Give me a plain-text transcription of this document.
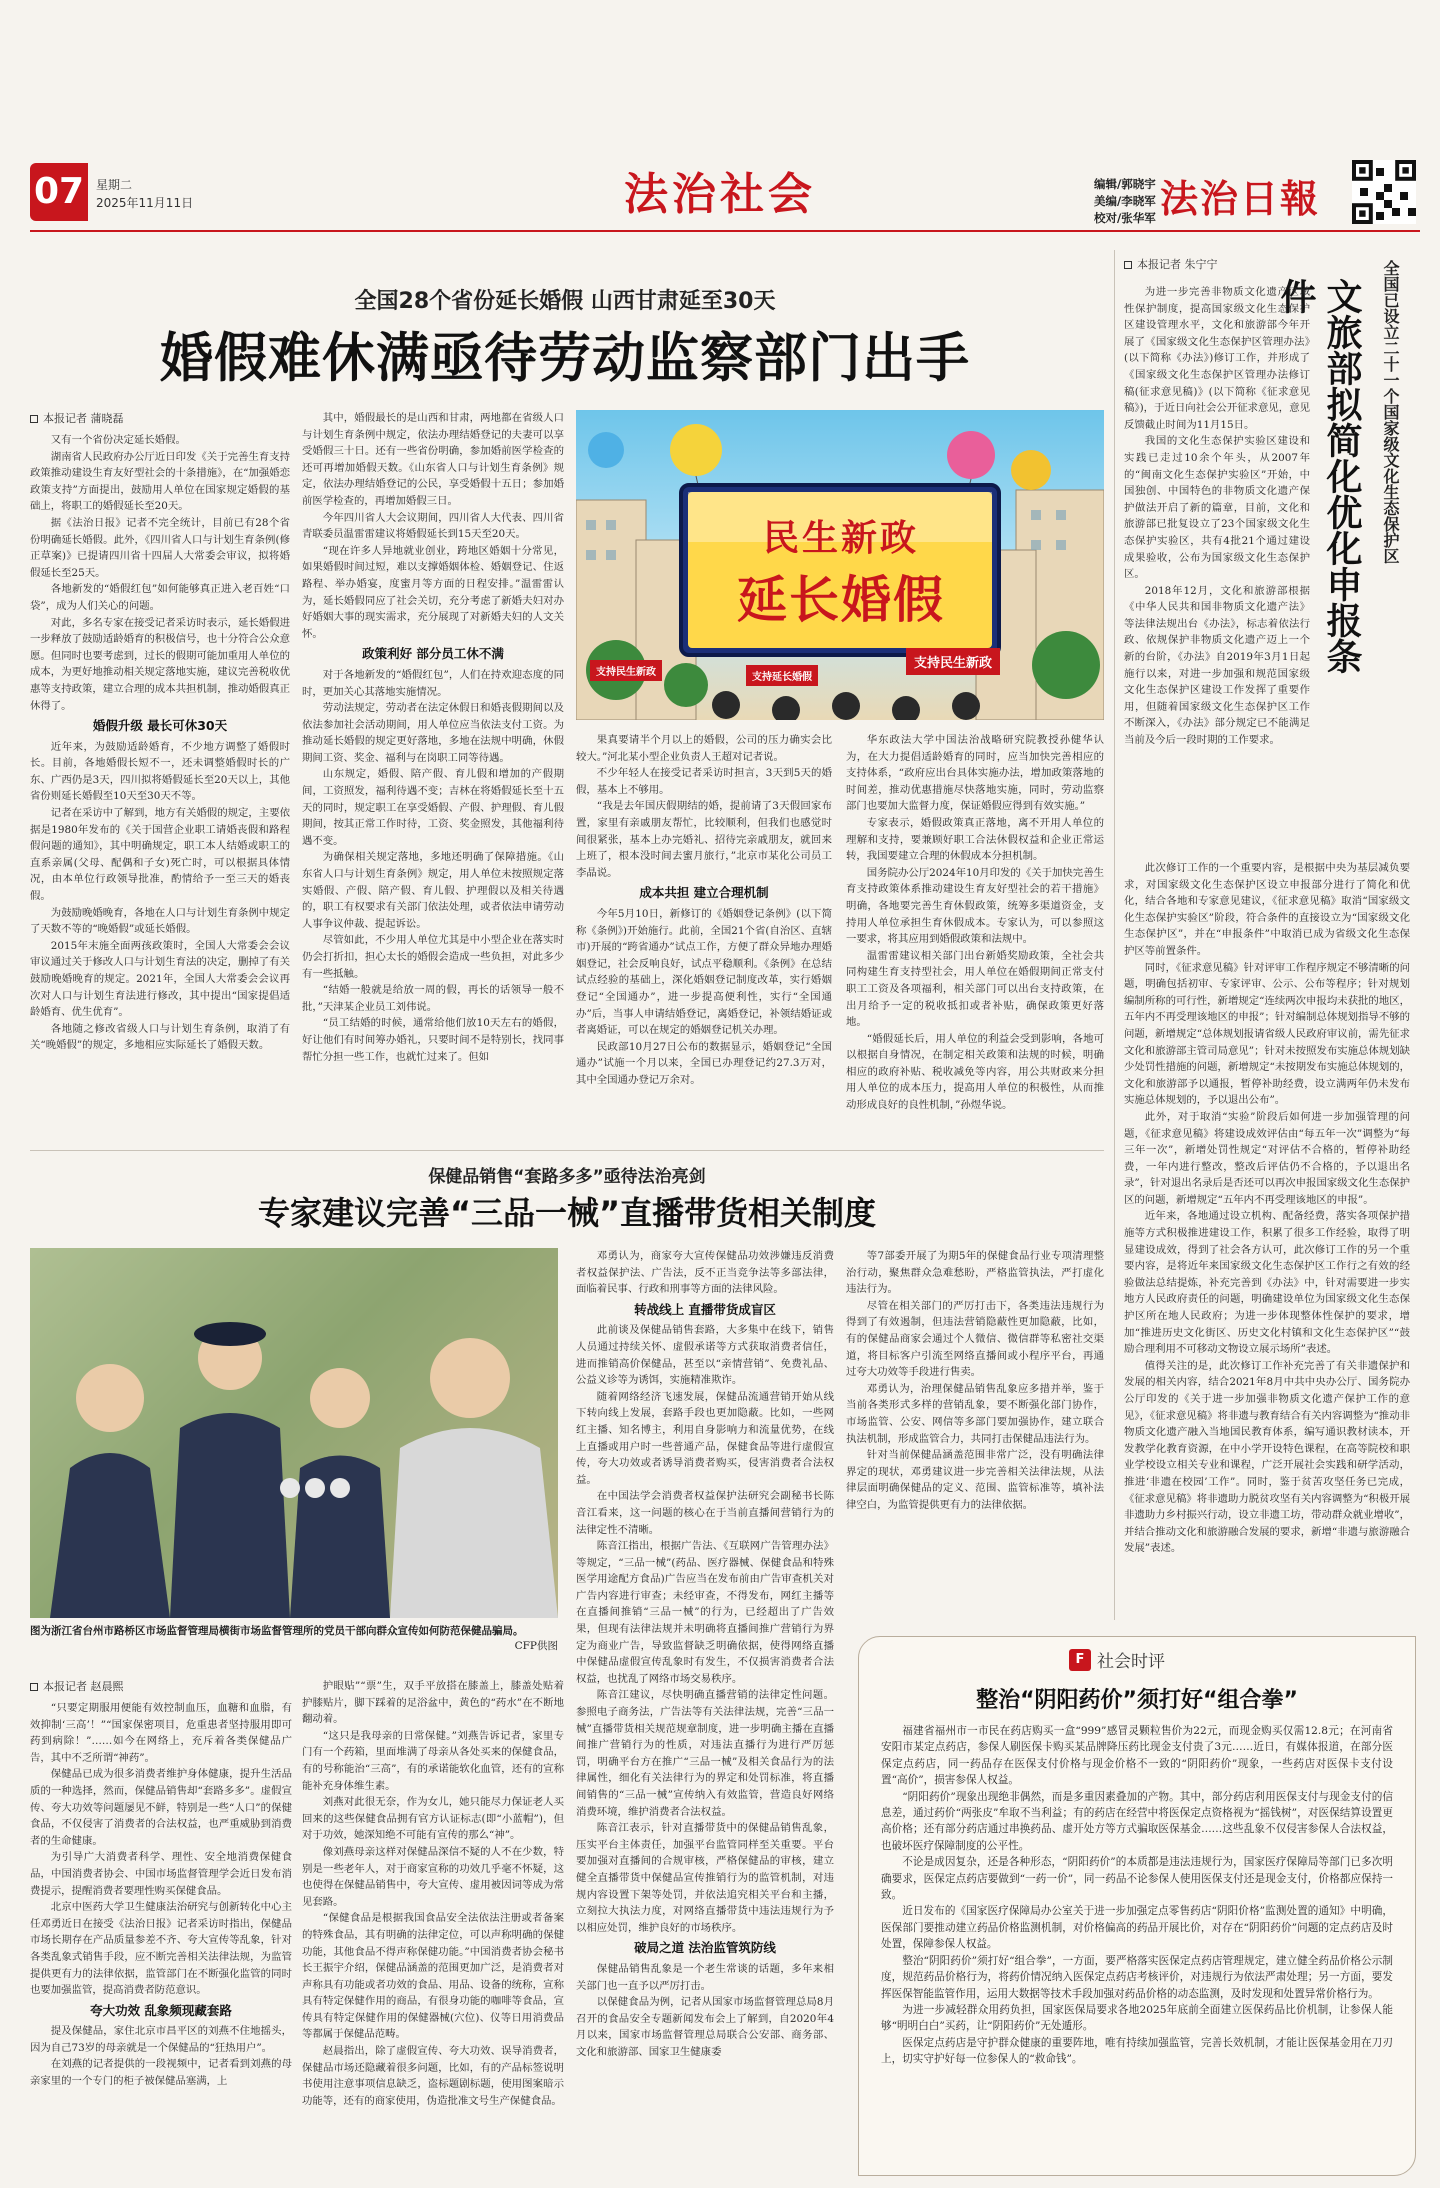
07 星期二
2025年11月11日	法治社会	编辑/郭晓宇
美编/李晓军
校对/张华军 法治日報
全国28个省份延长婚假 山西甘肃延至30天
婚假难休满亟待劳动监察部门出手
本报记者 蒲晓磊

又有一个省份决定延长婚假。

湖南省人民政府办公厅近日印发《关于完善生育支持政策推动建设生育友好型社会的十条措施》，在“加强婚恋政策支持”方面提出，鼓励用人单位在国家规定婚假的基础上，将职工的婚假延长至20天。

据《法治日报》记者不完全统计，目前已有28个省份明确延长婚假。此外，《四川省人口与计划生育条例(修正草案)》已提请四川省十四届人大常委会审议，拟将婚假延长至25天。

各地新发的“婚假红包”如何能够真正进入老百姓“口袋”，成为人们关心的问题。

对此，多名专家在接受记者采访时表示，延长婚假进一步释放了鼓励适龄婚育的积极信号，也十分符合公众意愿。但同时也要考虑到，过长的假期可能加重用人单位的成本，为更好地推动相关规定落地实施，建议完善税收优惠等支持政策，建立合理的成本共担机制，推动婚假真正休得了。

婚假升级 最长可休30天

近年来，为鼓励适龄婚育，不少地方调整了婚假时长。目前，各地婚假长短不一，还未调整婚假时长的广东、广西仍是3天，四川拟将婚假延长至20天以上，其他省份则延长婚假至10天至30天不等。

记者在采访中了解到，地方有关婚假的规定，主要依据是1980年发布的《关于国营企业职工请婚丧假和路程假问题的通知》，其中明确规定，职工本人结婚或职工的直系亲属(父母、配偶和子女)死亡时，可以根据具体情况，由本单位行政领导批准，酌情给予一至三天的婚丧假。

为鼓励晚婚晚育，各地在人口与计划生育条例中规定了天数不等的“晚婚假”或延长婚假。

2015年末施全面两孩政策时，全国人大常委会会议审议通过关于修改人口与计划生育法的决定，删掉了有关鼓励晚婚晚育的规定。2021年，全国人大常委会会议再次对人口与计划生育法进行修改，其中提出“国家提倡适龄婚育、优生优育”。

各地随之修改省级人口与计划生育条例，取消了有关“晚婚假”的规定，多地相应实际延长了婚假天数。

其中，婚假最长的是山西和甘肃，两地都在省级人口与计划生育条例中规定，依法办理结婚登记的夫妻可以享受婚假三十日。还有一些省份明确，参加婚前医学检查的还可再增加婚假天数。《山东省人口与计划生育条例》规定，依法办理结婚登记的公民，享受婚假十五日；参加婚前医学检查的，再增加婚假三日。

今年四川省人大会议期间，四川省人大代表、四川省青联委员温雷雷建议将婚假延长到15天至20天。

“现在许多人异地就业创业，跨地区婚姻十分常见，如果婚假时间过短，难以支撑婚姻体检、婚姻登记、住返路程、举办婚宴，度蜜月等方面的日程安排。”温雷雷认为，延长婚假同应了社会关切，充分考虑了新婚夫妇对办好婚姻大事的现实需求，充分展现了对新婚夫妇的人文关怀。

政策利好 部分员工休不满

对于各地新发的“婚假红包”，人们在持欢迎态度的同时，更加关心其落地实施情况。

劳动法规定，劳动者在法定休假日和婚丧假期间以及依法参加社会活动期间，用人单位应当依法支付工资。为推动延长婚假的规定更好落地，多地在法规中明确，休假期间工资、奖金、福利与在岗职工同等待遇。

山东规定，婚假、陪产假、育儿假和增加的产假期间，工资照发，福利待遇不变；吉林在将婚假延长至十五天的同时，规定职工在享受婚假、产假、护理假、育儿假期间，按其正常工作时待，工资、奖金照发，其他福利待遇不变。

为确保相关规定落地，多地还明确了保障措施。《山东省人口与计划生育条例》规定，用人单位未按照规定落实婚假、产假、陪产假、育儿假、护理假以及相关待遇的，职工有权要求有关部门依法处理，或者依法申请劳动人事争议仲裁、提起诉讼。

尽管如此，不少用人单位尤其是中小型企业在落实时仍会打折扣，担心太长的婚假会造成一些负担，对此多少有一些抵触。

“结婚一般就是给放一周的假，再长的话领导一般不批，”天津某企业员工刘伟说。

“员工结婚的时候，通常给他们放10天左右的婚假，好让他们有时间筹办婚礼，只要时间不是特别长，找同事帮忙分担一些工作，也就忙过来了。但如

民生新政
延长婚假
支持民生新政	支持延长婚假
支持民生新政

果真要请半个月以上的婚假，公司的压力确实会比较大。”河北某小型企业负责人王超对记者说。

不少年轻人在接受记者采访时担言，3天到5天的婚假，基本上不够用。

“我是去年国庆假期结的婚，提前请了3天假回家布置，家里有亲戚朋友帮忙，比较顺利，但我们也感觉时间很紧张，基本上办完婚礼、招待完亲戚朋友，就回来上班了，根本没时间去蜜月旅行，”北京市某化公司员工李晶说。

成本共担 建立合理机制

今年5月10日，新修订的《婚姻登记条例》(以下简称《条例》)开始施行。此前，全国21个省(自治区、直辖市)开展的“跨省通办”试点工作，方便了群众异地办理婚姻登记，社会反响良好，试点平稳顺利。《条例》在总结试点经验的基础上，深化婚姻登记制度改革，实行婚姻登记“全国通办”，进一步提高便利性，实行“全国通办”后，当事人申请结婚登记，离婚登记，补领结婚证或者离婚证，可以在规定的婚姻登记机关办理。

民政部10月27日公布的数据显示，婚姻登记“全国通办”试施一个月以来，全国已办理登记约27.3万对，其中全国通办登记万余对。

华东政法大学中国法治战略研究院教授孙健华认为，在大力提倡适龄婚育的同时，应当加快完善相应的支持体系，“政府应出台具体实施办法，增加政策落地的时间差，推动优惠措施尽快落地实施，同时，劳动监察部门也要加大监督力度，保证婚假应得到有效实施。”

专家表示，婚假政策真正落地，离不开用人单位的理解和支持，要兼顾好职工合法休假权益和企业正常运转，我国要建立合理的休假成本分担机制。

国务院办公厅2024年10月印发的《关于加快完善生育支持政策体系推动建设生育友好型社会的若干措施》明确，各地要完善生育休假政策，统筹多渠道资金，支持用人单位承担生育休假成本。专家认为，可以参照这一要求，将其应用到婚假政策和法规中。

温雷雷建议相关部门出台新婚奖励政策，全社会共同构建生育支持型社会，用人单位在婚假期间正常支付职工工资及各项福利，相关部门可以出台支持政策，在出月给予一定的税收抵扣或者补贴，确保政策更好落地。

“婚假延长后，用人单位的利益会受到影响，各地可以根据自身情况，在制定相关政策和法规的时候，明确相应的政府补贴、税收减免等内容，用公共财政来分担用人单位的成本压力，提高用人单位的积极性，从而推动形成良好的良性机制，”孙煜华说。

保健品销售“套路多多”亟待法治亮剑
专家建议完善“三品一械”直播带货相关制度
图为浙江省台州市路桥区市场监督管理局横街市场监督管理所的党员干部向群众宣传如何防范保健品骗局。
CFP供图
本报记者 赵晨熙

“只要定期服用便能有效控制血压，血糖和血脂，有效抑制‘三高’！”“国家保密项目，危重患者坚持服用即可药到病除！”……如今在网络上，充斥着各类保健品广告，其中不乏所谓“神药”。

保健品已成为很多消费者维护身体健康，提升生活品质的一种选择，然而，保健品销售却“套路多多”。虚假宣传、夸大功效等问题屡见不鲜，特别是一些“人口”的保健食品，不仅侵害了消费者的合法权益，也严重威胁到消费者的生命健康。

为引导广大消费者科学、理性、安全地消费保健食品，中国消费者协会、中国市场监督管理学会近日发布消费提示，提醒消费者要理性购买保健食品。

北京中医药大学卫生健康法治研究与创新转化中心主任邓勇近日在接受《法治日报》记者采访时指出，保健品市场长期存在产品质量参差不齐、夸大宣传等乱象，针对各类乱象式销售手段，应不断完善相关法律法规，为监管提供更有力的法律依据，监管部门在不断强化监管的同时也要加强监管，提高消费者防范意识。

夸大功效 乱象频现藏套路

提及保健品，家住北京市昌平区的刘燕不住地摇头，因为自己73岁的母亲就是一个保健品的“狂热用户”。

在刘燕的记者提供的一段视频中，记者看到刘燕的母亲家里的一个专门的柜子被保健品塞满，上

护眼贴”“票”生，双手平放搭在膝盖上，膝盖处贴着护膝贴片，脚下踩着的足浴盆中，黄色的“药水”在不断地翻动着。

“这只是我母亲的日常保健。”刘燕告诉记者，家里专门有一个药箱，里面堆满了母亲从各处买来的保健食品，有的号称能治“三高”，有的承诺能软化血管，还有的宣称能补充身体维生素。

刘燕对此很无奈，作为女儿，她只能尽力保证老人买回来的这些保健食品拥有官方认证标志(即“小蓝帽”)，但对于功效，她深知绝不可能有宣传的那么“神”。

像刘燕母亲这样对保健品深信不疑的人不在少数，特别是一些老年人，对于商家宣称的功效几乎毫不怀疑，这也使得在保健品销售中，夸大宣传、虚用被因词等成为常见套路。

“保健食品是根据我国食品安全法依法注册或者备案的特殊食品，其有明确的法律定位，可以声称明确的保健功能，其他食品不得声称保健功能。”中国消费者协会秘书长王振宇介绍，保健品涵盖的范围更加广泛，是消费者对声称具有功能或者功效的食品、用品、设备的统称，宣称具有特定保健作用的商品，有很身功能的咖啡等食品，宣传具有特定保健作用的保健器械(穴位)、仪等日用消费品等都属于保健品范畴。

赵晨指出，除了虚假宣传、夸大功效、误导消费者，保健品市场还隐藏着很多问题，比如，有的产品标签说明书使用注意事项信息缺乏，盗标题剧标题，使用图案暗示功能等，还有的商家使用，伪造批准文号生产保健食品。

邓勇认为，商家夸大宣传保健品功效涉嫌违反消费者权益保护法、广告法，反不正当竞争法等多部法律，面临着民事、行政和刑事等方面的法律风险。

转战线上 直播带货成盲区

此前谈及保健品销售套路，大多集中在线下，销售人员通过持续关怀、虚假承诺等方式获取消费者信任，进而推销高价保健品，甚至以“亲情营销”、免费礼品、公益义诊等为诱饵，实施精准欺诈。

随着网络经济飞速发展，保健品流通营销开始从线下转向线上发展，套路手段也更加隐蔽。比如，一些网红主播、知名博主，利用自身影响力和流量优势，在线上直播或用户时一些普通产品，保健食品等进行虚假宣传，夸大功效或者诱导消费者购买，侵害消费者合法权益。

在中国法学会消费者权益保护法研究会副秘书长陈音江看来，这一问题的核心在于当前直播间营销行为的法律定性不清晰。

陈音江指出，根据广告法、《互联网广告管理办法》等规定，“三品一械”(药品、医疗器械、保健食品和特殊医学用途配方食品)广告应当在发布前由广告审查机关对广告内容进行审查；未经审查，不得发布，网红主播等在直播间推销“三品一械”的行为，已经超出了广告效果，但现有法律法规并未明确将直播间推广营销行为界定为商业广告，导致监督缺乏明确依据，使得网络直播中保健品虚假宣传乱象时有发生，不仅损害消费者合法权益，也扰乱了网络市场交易秩序。

陈音江建议，尽快明确直播营销的法律定性问题。参照电子商务法，广告法等有关法律法规，完善“三品一械”直播带货相关规范规章制度，进一步明确主播在直播间推广营销行为的性质，对违法直播行为进行严厉惩罚，明确平台方在推广“三品一械”及相关食品行为的法律属性，细化有关法律行为的界定和处罚标准，将直播间销售的“三品一械”宣传纳入有效监管，营造良好网络消费环境，维护消费者合法权益。

陈音江表示，针对直播带货中的保健品销售乱象，压实平台主体责任，加强平台监管同样至关重要。平台要加强对直播间的合规审核，严格保健品的审核，建立健全直播带货中保健品宣传推销行为的监管机制，对违规内容设置下架等处罚，并依法追究相关平台和主播，立刻拉大执法力度，对网络直播带货中违法违规行为予以相应处罚，维护良好的市场秩序。

破局之道 法治监管筑防线

保健品销售乱象是一个老生常谈的话题，多年来相关部门也一直予以严厉打击。

以保健食品为例，记者从国家市场监督管理总局8月召开的食品安全专题新闻发布会上了解到，自2020年4月以来，国家市场监督管理总局联合公安部、商务部、文化和旅游部、国家卫生健康委

等7部委开展了为期5年的保健食品行业专项清理整治行动，聚焦群众急难愁盼，严格监管执法，严打虚化违法行为。

尽管在相关部门的严厉打击下，各类违法违规行为得到了有效遏制，但违法营销隐蔽性更加隐蔽，比如，有的保健品商家会通过个人微信、微信群等私密社交渠道，将目标客户引流至网络直播间或小程序平台，再通过夸大功效等手段进行售卖。

邓勇认为，治理保健品销售乱象应多措并举，鉴于当前各类形式多样的营销乱象，要不断强化部门协作，市场监管、公安、网信等多部门要加强协作，建立联合执法机制，形成监管合力，共同打击保健品违法行为。

针对当前保健品涵盖范围非常广泛，没有明确法律界定的现状，邓勇建议进一步完善相关法律法规，从法律层面明确保健品的定义、范围、监管标准等，填补法律空白，为监管提供更有力的法律依据。

本报记者 朱宁宁
文旅部拟简化优化申报条件	全国已设立二十一个国家级文化生态保护区

为进一步完善非物质文化遗产区域性保护制度，提高国家级文化生态保护区建设管理水平，文化和旅游部今年开展了《国家级文化生态保护区管理办法》(以下简称《办法》)修订工作，并形成了《国家级文化生态保护区管理办法修订稿(征求意见稿)》(以下简称《征求意见稿》)，于近日向社会公开征求意见，意见反馈截止时间为11月15日。

我国的文化生态保护实验区建设和实践已走过10余个年头，从2007年的“闽南文化生态保护实验区”开始，中国独创、中国特色的非物质文化遗产保护做法开启了新的篇章，目前，文化和旅游部已批复设立了23个国家级文化生态保护实验区，共有4批21个通过建设成果验收，公布为国家级文化生态保护区。

2018年12月，文化和旅游部根据《中华人民共和国非物质文化遗产法》等法律法规出台《办法》，标志着依法行政、依规保护非物质文化遗产迈上一个新的台阶，《办法》自2019年3月1日起施行以来，对进一步加强和规范国家级文化生态保护区建设工作发挥了重要作用，但随着国家级文化生态保护区工作不断深入，《办法》部分规定已不能满足当前及今后一段时期的工作要求。

此次修订工作的一个重要内容，是根据中央为基层减负要求，对国家级文化生态保护区设立申报部分进行了简化和优化，结合各地和专家意见建议，《征求意见稿》取消“国家级文化生态保护实验区”阶段，符合条件的直接设立为“国家级文化生态保护区”，并在“申报条件”中取消已成为省级文化生态保护区等前置条件。

同时，《征求意见稿》针对评审工作程序规定不够清晰的问题，明确包括初审、专家评审、公示、公布等程序；针对规划编制所称的可行性，新增规定“连续两次申报均未获批的地区，五年内不再受理该地区的申报”；针对编制总体规划指导不够的问题，新增规定“总体规划报请省级人民政府审议前，需先征求文化和旅游部主管司局意见”；针对未按照发布实施总体规划缺少处罚性措施的问题，新增规定“未按期发布实施总体规划的，文化和旅游部予以通报，暂停补助经费，设立满两年仍未发布实施总体规划的，予以退出公布”。

此外，对于取消“实验”阶段后如何进一步加强管理的问题，《征求意见稿》将建设成效评估由“每五年一次”调整为“每三年一次”，新增处罚性规定“对评估不合格的，暂停补助经费，一年内进行整改，整改后评估仍不合格的，予以退出名录”，针对退出名录后是否还可以再次申报国家级文化生态保护区的问题，新增规定“五年内不再受理该地区的申报”。

近年来，各地通过设立机构、配备经费，落实各项保护措施等方式积极推进建设工作，积累了很多工作经验，取得了明显建设成效，得到了社会各方认可，此次修订工作的另一个重要内容，是将近年来国家级文化生态保护区工作行之有效的经验做法总结提炼，补充完善到《办法》中，针对需要进一步实地方人民政府责任的问题，明确建设单位为国家级文化生态保护区所在地人民政府；为进一步体现整体性保护的要求，增加“推进历史文化街区、历史文化村镇和文化生态保护区”“鼓励合理利用不可移动文物设立展示场所”表述。

值得关注的是，此次修订工作补充完善了有关非遗保护和发展的相关内容，结合2021年8月中共中央办公厅、国务院办公厅印发的《关于进一步加强非物质文化遗产保护工作的意见》，《征求意见稿》将非遗与教育结合有关内容调整为“推动非物质文化遗产融入当地国民教育体系，编写通识教材读本，开发教学化教育资源，在中小学开设特色课程，在高等院校和职业学校设立相关专业和课程，广泛开展社会实践和研学活动，推进‘非遗在校园’工作”。同时，鉴于贫苦攻坚任务已完成，《征求意见稿》将非遗助力脱贫攻坚有关内容调整为“积极开展非遗助力乡村振兴行动，设立非遗工坊，带动群众就业增收”，并结合推动文化和旅游融合发展的要求，新增“非遗与旅游融合发展”表述。

F 社会时评
整治“阴阳药价”须打好“组合拳”

福建省福州市一市民在药店购买一盒“999”感冒灵颗粒售价为22元，而现金购买仅需12.8元；在河南省安阳市某定点药店，参保人刷医保卡购买某品牌降压药比现金支付贵了3元……近日，有媒体报道，在部分医保定点药店，同一药品存在医保支付价格与现金价格不一致的“阴阳药价”现象，一些药店对医保卡支付设置“高价”，损害参保人权益。

“阴阳药价”现象出现绝非偶然，而是多重因素叠加的产物。其中，部分药店利用医保支付与现金支付的信息差，通过药价“两张皮”牟取不当利益；有的药店在经营中将医保定点资格视为“摇钱树”，对医保结算设置更高价格；还有部分药店通过串换药品、虚开处方等方式骗取医保基金……这些乱象不仅侵害参保人合法权益，也破坏医疗保障制度的公平性。

不论是成因复杂，还是各种形态，“阴阳药价”的本质都是违法违规行为，国家医疗保障局等部门已多次明确要求，医保定点药店要做到“一药一价”，同一药品不论参保人使用医保支付还是现金支付，价格都应保持一致。

近日发布的《国家医疗保障局办公室关于进一步加强定点零售药店“阴阳价格”监测处置的通知》中明确，医保部门要推动建立药品价格监测机制，对价格偏高的药品开展比价，对存在“阴阳药价”问题的定点药店及时处置，保障参保人权益。

整治“阴阳药价”须打好“组合拳”，一方面，要严格落实医保定点药店管理规定，建立健全药品价格公示制度，规范药品价格行为，将药价情况纳入医保定点药店考核评价，对违规行为依法严肃处理；另一方面，要发挥医保智能监管作用，运用大数据等技术手段加强对药品价格的动态监测，及时发现和处置异常价格行为。

为进一步减轻群众用药负担，国家医保局要求各地2025年底前全面建立医保药品比价机制，让参保人能够“明明白白”买药，让“阴阳药价”无处遁形。

医保定点药店是守护群众健康的重要阵地，唯有持续加强监管，完善长效机制，才能让医保基金用在刀刃上，切实守护好每一位参保人的“救命钱”。
